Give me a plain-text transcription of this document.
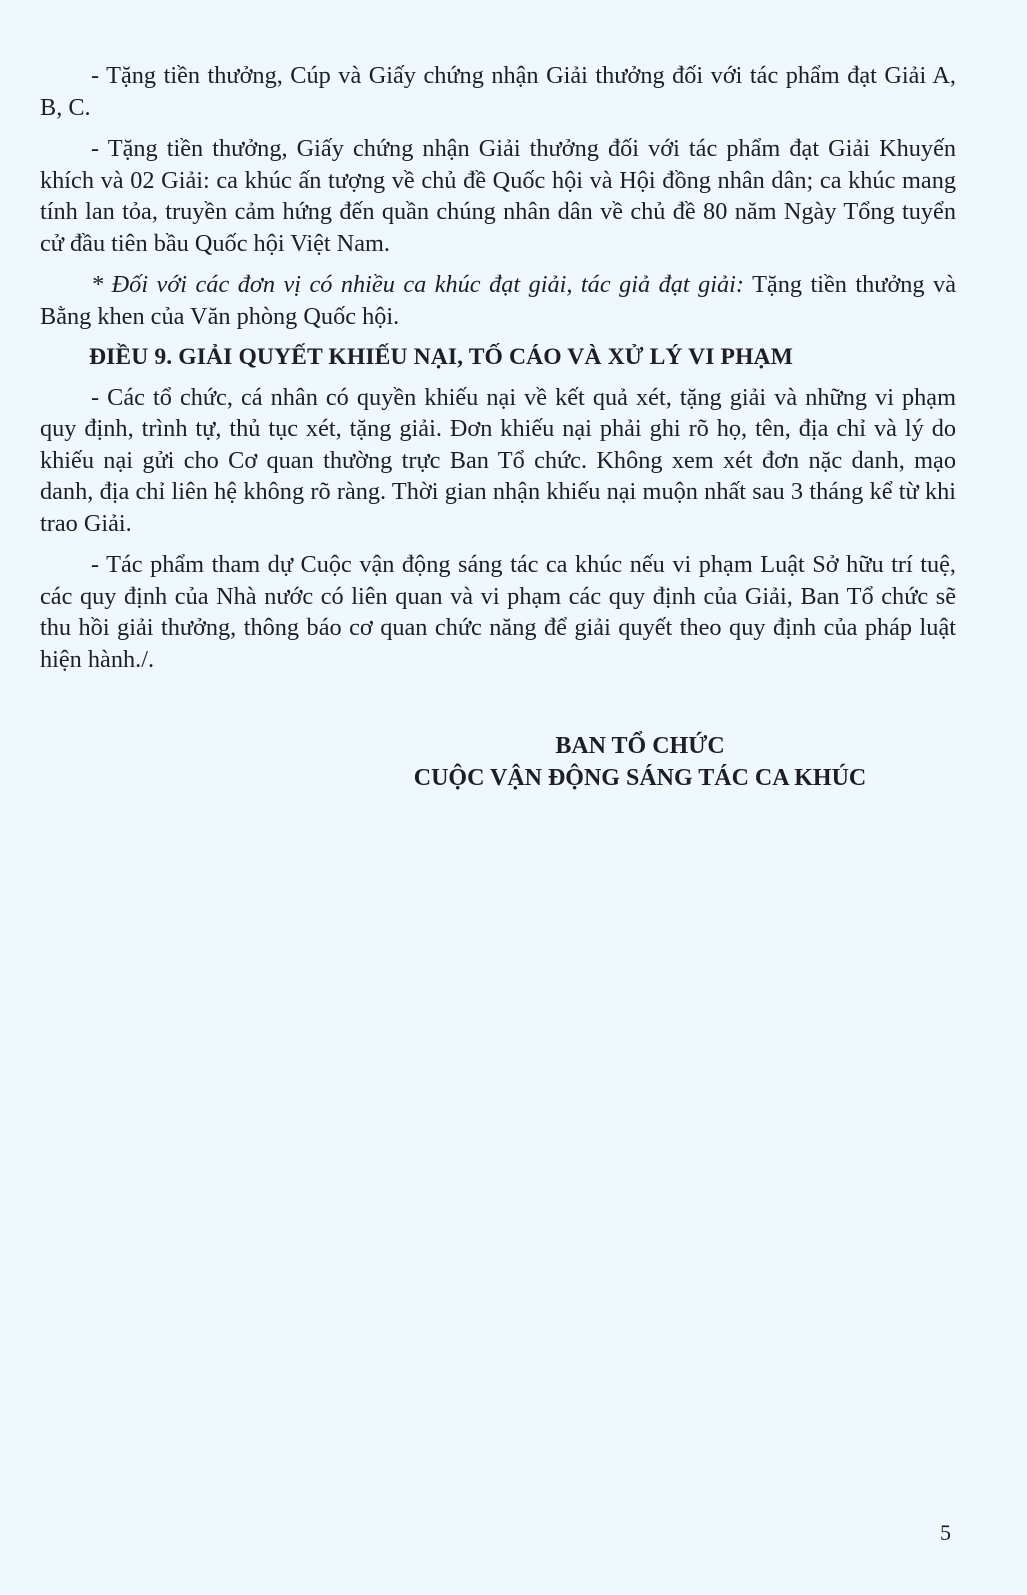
- Tặng tiền thưởng, Cúp và Giấy chứng nhận Giải thưởng đối với tác phẩm đạt Giải A, B, C.

- Tặng tiền thưởng, Giấy chứng nhận Giải thưởng đối với tác phẩm đạt Giải Khuyến khích và 02 Giải: ca khúc ấn tượng về chủ đề Quốc hội và Hội đồng nhân dân; ca khúc mang tính lan tỏa, truyền cảm hứng đến quần chúng nhân dân về chủ đề 80 năm Ngày Tổng tuyển cử đầu tiên bầu Quốc hội Việt Nam.

* Đối với các đơn vị có nhiều ca khúc đạt giải, tác giả đạt giải: Tặng tiền thưởng và Bằng khen của Văn phòng Quốc hội.

ĐIỀU 9. GIẢI QUYẾT KHIẾU NẠI, TỐ CÁO VÀ XỬ LÝ VI PHẠM

- Các tổ chức, cá nhân có quyền khiếu nại về kết quả xét, tặng giải và những vi phạm quy định, trình tự, thủ tục xét, tặng giải. Đơn khiếu nại phải ghi rõ họ, tên, địa chỉ và lý do khiếu nại gửi cho Cơ quan thường trực Ban Tổ chức. Không xem xét đơn nặc danh, mạo danh, địa chỉ liên hệ không rõ ràng. Thời gian nhận khiếu nại muộn nhất sau 3 tháng kể từ khi trao Giải.

- Tác phẩm tham dự Cuộc vận động sáng tác ca khúc nếu vi phạm Luật Sở hữu trí tuệ, các quy định của Nhà nước có liên quan và vi phạm các quy định của Giải, Ban Tổ chức sẽ thu hồi giải thưởng, thông báo cơ quan chức năng để giải quyết theo quy định của pháp luật hiện hành./.

BAN TỔ CHỨC
CUỘC VẬN ĐỘNG SÁNG TÁC CA KHÚC
5
